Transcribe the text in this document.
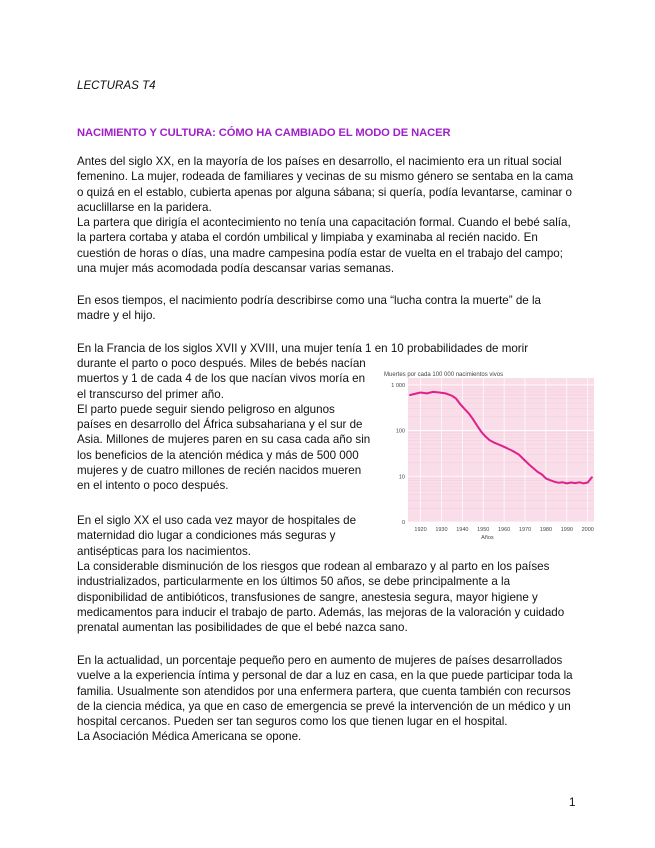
LECTURAS T4
NACIMIENTO Y CULTURA: CÓMO HA CAMBIADO EL MODO DE NACER

Antes del siglo XX, en la mayoría de los países en desarrollo, el nacimiento era un ritual social femenino. La mujer, rodeada de familiares y vecinas de su mismo género se sentaba en la cama o quizá en el establo, cubierta apenas por alguna sábana; si quería, podía levantarse, caminar o acuclillarse en la paridera.

La partera que dirigía el acontecimiento no tenía una capacitación formal. Cuando el bebé salía, la partera cortaba y ataba el cordón umbilical y limpiaba y examinaba al recién nacido. En cuestión de horas o días, una madre campesina podía estar de vuelta en el trabajo del campo; una mujer más acomodada podía descansar varias semanas.

En esos tiempos, el nacimiento podría describirse como una “lucha contra la muerte” de la madre y el hijo.

En la Francia de los siglos XVII y XVIII, una mujer tenía 1 en 10 probabilidades de morir

durante el parto o poco después. Miles de bebés nacían muertos y 1 de cada 4 de los que nacían vivos moría en el transcurso del primer año.

El parto puede seguir siendo peligroso en algunos países en desarrollo del África subsahariana y el sur de Asia. Millones de mujeres paren en su casa cada año sin los beneficios de la atención médica y más de 500 000 mujeres y de cuatro millones de recién nacidos mueren en el intento o poco después.

En el siglo XX el uso cada vez mayor de hospitales de maternidad dio lugar a condiciones más seguras y antisépticas para los nacimientos.

La considerable disminución de los riesgos que rodean al embarazo y al parto en los países industrializados, particularmente en los últimos 50 años, se debe principalmente a la disponibilidad de antibióticos, transfusiones de sangre, anestesia segura, mayor higiene y medicamentos para inducir el trabajo de parto. Además, las mejoras de la valoración y cuidado prenatal aumentan las posibilidades de que el bebé nazca sano.

En la actualidad, un porcentaje pequeño pero en aumento de mujeres de países desarrollados vuelve a la experiencia íntima y personal de dar a luz en casa, en la que puede participar toda la familia. Usualmente son atendidos por una enfermera partera, que cuenta también con recursos de la ciencia médica, ya que en caso de emergencia se prevé la intervención de un médico y un hospital cercanos. Pueden ser tan seguros como los que tienen lugar en el hospital.

La Asociación Médica Americana se opone.

Muertes por cada 100 000 nacimientos vivos
1 000
100
10
0
1920 1930 1940 1950 1960 1970 1980 1990 2000
Años
1
